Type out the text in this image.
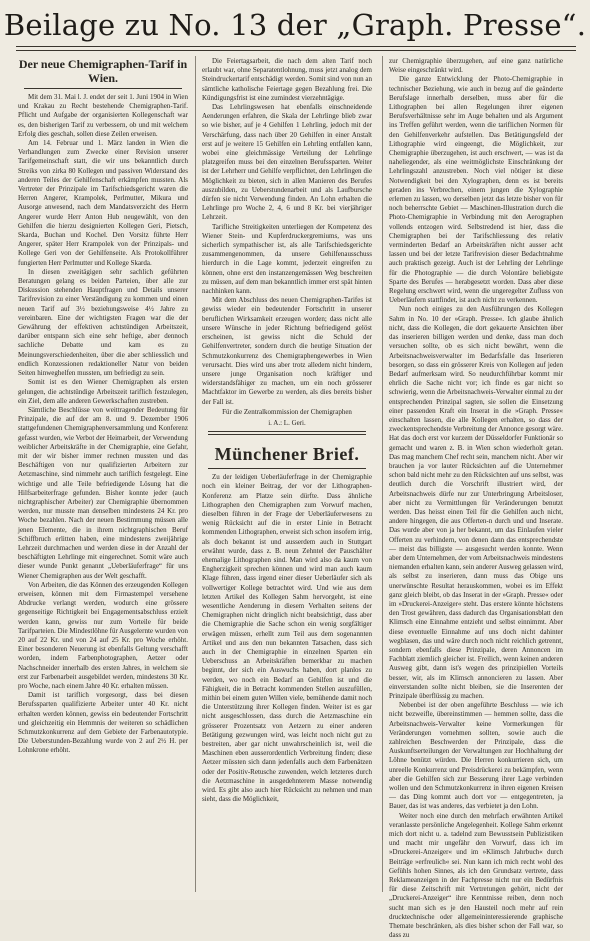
Beilage zu No. 13 der „Graph. Presse“.
Der neue Chemigraphen-Tarif in Wien.

Mit dem 31. Mai l. J. endet der seit 1. Juni 1904 in Wien und Krakau zu Recht bestehende Chemigraphen-Tarif. Pflicht und Aufgabe der organisierten Kollegenschaft war es, den bisherigen Tarif zu verbessern, ob und mit welchem Erfolg dies geschah, sollen diese Zeilen erweisen.

Am 14. Februar und 1. März landen in Wien die Verhandlungen zum Zwecke einer Revision unserer Tarifgemeinschaft statt, die wir uns bekanntlich durch Streiks von zirka 80 Kollegen und passiven Widerstand des anderen Teiles der Gehilfenschaft erkämpfen mussten. Als Vertreter der Prinzipale im Tarifschiedsgericht waren die Herren Angerer, Krampolek, Perlmutter, Mikura und Ausorge anwesend, nach dem Mandatsverzicht des Herrn Angerer wurde Herr Anton Hub neugewählt, von den Gehilfen die hierzu designierten Kollegen Geri, Pietsch, Skarda, Buchan und Kochel. Den Vorsitz führte Herr Angerer, später Herr Krampolek von der Prinzipals- und Kollege Geri von der Gehilfenseite. Als Protokollführer fungierten Herr Perlmutter und Kollege Skarda.

In diesen zweitägigen sehr sachlich geführten Beratungen gelang es beiden Parteien, über alle zur Diskussion stehenden Hauptfragen und Details unserer Tarifrevision zu einer Verständigung zu kommen und einen neuen Tarif auf 3½ beziehungsweise 4½ Jahre zu vereinbaren. Eine der wichtigsten Fragen war die der Gewährung der effektiven achtstündigen Arbeitszeit, darüber entspann sich eine sehr heftige, aber dennoch sachliche Debatte und kam es zu Meinungsverschiedenheiten, über die aber schliesslich und endlich Konzessionen redaktioneller Natur von beiden Seiten hinweghelfen mussten, um befriedigt zu sein.

Somit ist es den Wiener Chemigraphen als ersten gelungen, die achtstündige Arbeitszeit tariflich festzulegen, ein Ziel, dem alle anderen Gewerkschaften zustreben.

Sämtliche Beschlüsse von weittragender Bedeutung für Prinzipale, die auf der am 8. und 9. Dezember 1906 stattgefundenen Chemigraphenversammlung und Konferenz gefasst wurden, wie Verbot der Heimarbeit, der Verwendung weiblicher Arbeitskräfte in der Chemigraphie, eine Gefahr, mit der wir bisher immer rechnen mussten und das Beschäftigen von nur qualifizierten Arbeitern zur Aetzmaschine, sind nimmehr auch tariflich festgelegt. Eine wichtige und alle Teile befriedigende Lösung hat die Hilfsarbeiterfrage gefunden. Bisher konnte jeder (auch nichtgraphischer Arbeiter) zur Chemigraphie übernommen werden, nur musste man denselben mindestens 24 Kr. pro Woche bezahlen. Nach der neuen Bestimmung müssen alle jenen Elemente, die in ihrem nichtgraphischen Beruf Schiffbruch erlitten haben, eine mindestens zweijährige Lehrzeit durchmachen und werden diese in der Anzahl der beschäftigten Lehrlinge mit eingerechnet. Somit wäre auch dieser wunde Punkt genannt „Ueberläuferfrage“ für uns Wiener Chemigraphen aus der Welt geschafft.

Von Arbeiten, die das Können des erzeugenden Kollegen erweisen, können mit dem Firmastempel versehene Abdrucke verlangt werden, wodurch eine grössere gegenseitige Richtigkeit bei Engagementsabschluss erzielt werden kann, gewiss nur zum Vorteile für beide Tarifparteien. Die Mindestlöhne für Ausgelernte wurden von 20 auf 22 Kr. und von 24 auf 25 Kr. pro Woche erhöht. Einer besonderen Neuerung ist ebenfalls Geltung verschafft worden, indem Farbenphotographen, Aetzer oder Nachschneider innerhalb des ersten Jahres, in welchem sie erst zur Farbenarbeit ausgebildet werden, mindestens 30 Kr. pro Woche, nach einem Jahre 40 Kr. erhalten müssen.

Damit ist tariflich vorgesorgt, dass bei diesen Berufssparten qualifizierte Arbeiter unter 40 Kr. nicht erhalten werden können, gewiss ein bedeutender Fortschritt und gleichzeitig ein Hemmnis der weiteren so schädlichen Schmutzkonkurrenz auf dem Gebiete der Farbenautotypie. Die Ueberstunden-Bezahlung wurde von 2 auf 2½ H. per Lohnkrone erhöht.

Die Feiertagsarbeit, die nach dem alten Tarif noch erlaubt war, ohne Separatentlohnung, muss jetzt analog dem Steindruckertarif entschädigt werden. Somit sind von nun an sämtliche katholische Feiertage gegen Bezahlung frei. Die Kündigungsfrist ist eine zumindest vierzehntägige.

Das Lehrlingswesen hat ebenfalls einschneidende Aenderungen erfahren, die Skala der Lehrlinge blieb zwar so wie bisher, auf je 4 Gehilfen 1 Lehrling, jedoch mit der Verschärfung, dass nach über 20 Gehilfen in einer Anstalt erst auf je weitere 15 Gehilfen ein Lehrling entfallen kann, wobei eine gleichmässige Verteilung der Lehrlinge platzgreifen muss bei den einzelnen Berufssparten. Weiter ist der Lehrherr und Gehilfe verpflichtet, den Lehrlingen die Möglichkeit zu bieten, sich in allen Manieren des Berufes auszubilden, zu Ueberstundenarbeit und als Laufbursche dürfen sie nicht Verwendung finden. An Lohn erhalten die Lehrlinge pro Woche 2, 4, 6 und 8 Kr. bei vierjähriger Lehrzeit.

Tarifliche Streitigkeiten unterliegen der Kompetenz des Wiener Stein- und Kupferdruckergremiums, was uns sicherlich sympathischer ist, als alle Tarifschiedsgerichte zusammengenommen, da unsere Gehilfenausschuss hierdurch in die Lage kommt, jederzeit eingreifen zu können, ohne erst den instanzengemässen Weg beschreiten zu müssen, auf dem man bekanntlich immer erst spät hinten nachhinken kann.

Mit dem Abschluss des neuen Chemigraphen-Tarifes ist gewiss wieder ein bedeutender Fortschritt in unserer beruflichen Wirksamkeit erzeugen worden; dass nicht alle unsere Wünsche in jeder Richtung befriedigend gelöst erscheinen, ist gewiss nicht die Schuld der Gehilfenvertreter, sondern durch die heutige Situation der Schmutzkonkurrenz des Chemigraphengewerbes in Wien verursacht. Dies wird uns aber trotz alledem nicht hindern, unsere junge Organisation noch kräftiger und widerstandsfähiger zu machen, um ein noch grösserer Machtfaktor im Gewerbe zu werden, als dies bereits bisher der Fall ist.

Für die Zentralkommission der Chemigraphen

i. A.: L. Geri.

Münchener Brief.

Zu der leidigen Ueberläuferfrage in der Chemigraphie noch ein kleiner Beitrag, der vor der Lithographen-Konferenz am Platze sein dürfte. Dass ähnliche Lithographen den Chemigraphen zum Vorwurf machen, dieselben führen in der Frage der Ueberläuferwesens zu wenig Rücksicht auf die in erster Linie in Betracht kommenden Lithographen, erweist sich schon insofern irrig, als doch bekannt ist und ausserdem auch in Stuttgart erwähnt wurde, dass z. B. neun Zehntel der Pauschälter ehemalige Lithographen sind. Man wird also da kaum von Engherzigkeit sprechen können und wird man auch kaum Klage führen, dass irgend einer dieser Ueberläufer sich als vollwertiger Kollege betrachtet wird. Und wie aus dem letzten Artikel des Kollegen Sahm hervorgeht, ist eine wesentliche Aenderung in diesem Verhalten seitens der Chemigraphen nicht dringlich nicht beabsichtigt, dass aber die Chemigraphie die Sache schon ein wenig sorgfältiger erwägen müssen, erhellt zum Teil aus dem sogenannten Artikel und aus den nun bekannten Tatsachen, dass sich auch in der Chemigraphie in einzelnen Sparten ein Ueberschuss an Arbeitskräften bemerkbar zu machen beginnt, der sich ein Auswuchs haben, dort planlos zu werden, wo noch ein Bedarf an Gehilfen ist und die Fähigkeit, die in Betracht kommenden Stellen auszufüllen, mithin bei einem guten Willen viele, bemühende damit noch die Unterstützung ihrer Kollegen finden. Weiter ist es gar nicht ausgeschlossen, dass durch die Aetzmaschine ein grösserer Prozentsatz von Aetzern zu einer anderen Betätigung gezwungen wird, was leicht noch nicht gut zu bestreiten, aber gar nicht unwahrscheinlich ist, weil die Maschinen eben ausserordentlich Verbreitung finden; diese Aetzer müssten sich dann jedenfalls auch dem Farbenätzen oder der Positiv-Retusche zuwenden, welch letzteres durch die Aetzmaschine in ausgedehnterem Masse notwendig wird. Es gibt also auch hier Rücksicht zu nehmen und man sieht, dass die Möglichkeit,

zur Chemigraphie überzugehen, auf eine ganz natürliche Weise eingeschränkt wird.

Die ganze Entwicklung der Photo-Chemigraphie in technischer Beziehung, wie auch in bezug auf die geänderte Berufslage innerhalb derselben, muss aber für die Lithographen bei allen Regelungen ihrer eigenen Berufsverhältnisse sehr im Auge behalten und als Argument ins Treffen geführt werden, wenn die tariflichen Normen für den Gehilfenverkehr aufstellen. Das Betätigungsfeld der Lithographie wird eingeengt, die Möglichkeit, zur Chemigraphie überzugehen, ist auch erschwert, — was ist da naheliegender, als eine weitmöglichste Einschränkung der Lehrlingszahl anzustreben. Noch viel nötiger ist diese Notwendigkeit bei den Xylographen, denn es ist bereits geraden ins Verbrechen, einem jungen die Xylographie erlernen zu lassen, wo derselben jetzt das letzte bisher von für noch beherrschte Gebiet — Maschinen-Illustration durch die Photo-Chemigraphie in Verbindung mit den Aerographen vollends entzogen wird. Selbstredend ist hier, dass die Chemigraphen bei der Tarifschliessung des relativ verminderten Bedarf an Arbeitskräften nicht ausser acht lassen und bei der letzte Tarifrevision dieser Bedachtnahme auch praktisch gezeigt. Auch ist der Lehrling der Lehrlinge für die Photographie — die durch Volontäre beliebigste Sparte des Berufes — herabgesetzt worden. Dass aber diese Regelung erschwert wird, wenn die ungeregelter Zufluss von Ueberläufern stattfindet, ist auch nicht zu verkennen.

Nun noch einiges zu den Ausführungen des Kollegen Sahm in No. 10 der »Graph. Presse«. Ich glaube ähnlich nicht, dass die Kollegen, die dort gekauerte Ansichten über das inserieren billigen werden und denke, dass man doch versuchen sollte, ob es sich nicht bewährt, wenn die Arbeitsnachweisverwalter im Bedarfsfalle das Inserieren besorgen, so dass ein grösserer Kreis von Kollegen auf jeden Bedarf aufmerksam wird. So neudurchführbar kommt mir ehrlich die Sache nicht vor; ich finde es gar nicht so schwierig, wenn die Arbeitsnachweis-Verwalter einmal zu der entsprechenden Prinzipal sagten, sie sollen die Einsetzung einer passenden Kraft ein Inserat in die »Graph. Presse« einschalten lassen, die alle Kollegen erhalten, so dass der zweckentsprechendste Verbreitung der Annonce gesorgt wäre. Hat das doch erst vor kurzem der Düsseldorfer Funktionär so gemacht und waren z. B. in Wien schon wiederholt getan. Das mag manchem Chef recht sein, manchem nicht. Aber wir brauchen ja vor lauter Rücksichten auf die Unternehmer schon bald nicht mehr zu den Rücksichten auf uns selbst, was deutlich durch die Vorschrift illustriert wird, der Arbeitsnachweis dürfe nur zur Unterbringung Arbeitsloser, aber nicht zu Vermittlungen für Veränderungen benutzt werden. Das heisst einen Teil für die Gehilfen auch nicht, andere hingegen, die aus Offerten-n durch und und Inserate. Das wurde aber von ja her bekannt, um das Einlaufen vieler Offerten zu verhindern, von denen dann das entsprechendste — meist das billigste — ausgesucht werden konnte. Wenn aber dem Unternehmen, der vom Arbeitsnachweis mindestens niemanden erhalten kann, sein anderer Ausweg gelassen wird, als selbst zu inserieren, dann muss das Obige uns unerwünschte Resultat herauskommen, wobei es im Effekt ganz gleich bleibt, ob das Inserat in der »Graph. Presse« oder im »Druckerei-Anzeiger« steht. Das erstere könnte höchstens den Trost gewähren, dass dadurch das Organisationsblatt den Klimsch eine Einnahme entzieht und selbst einnimmt. Aber diese eventuelle Einnahme auf uns doch nicht dahinter wegblasen, das und wäre durch noch nicht reichlich getrennt, sondern ebenfalls diese Prinzipale, deren Annoncen im Fachblatt ziemlich gleicher ist. Freilich, wenn keinen anderen Ausweg gibt, dann ist's wegen des prinzipiellen Vorteils besser, wir, als im Klimsch annoncieren zu lassen. Aber einverstanden sollte nicht bleiben, sie die Inserenten der Prinzipale überflüssig zu machen.

Nebenbei ist der oben angeführte Beschluss — wie ich nicht bezweifle, übereinstimmen — hemmen sollte, dass die Arbeitsnachweis-Verwalter keine Vormerkungen für Veränderungen vornehmen sollten, sowie auch die zahlreichen Beschwerden der Prinzipale, dass die Auskunftserteilungen der Verwaltungen zur Hochhaltung der Löhne benützt würden. Die Herren konkurrieren sich, um unreelle Konkurrenz und Preisdrückerei zu bekämpfen, wenn aber die Gehilfen sich zur Besserung ihrer Lage verbinden wollen und den Schmutzkonkurrenz in ihren eigenen Kreisen — das Ding kommt auch dort vor — entgegentreten, ja Bauer, das ist was anderes, das verbietet ja den Lohn.

Weiter noch eine durch den mehrfach erwähnten Artikel veranlasste persönliche Angelegenheit. Kollege Sahm erkennt mich dort nicht u. a. tadelnd zum Bewusstsein Publizistiken und macht mir ungefähr den Vorwurf, dass ich im »Druckerei-Anzeiger« und im »Klimsch Jahrbuch« durch Beiträge »erfreulich« sei. Nun kann ich mich recht wohl des Gefühls hohen Sinnes, als ich den Grundsatz vertrete, dass Reklameanzeigen in der Fachpresse nicht nur ein Bedürfnis für diese Zeitschrift mit Vertretungen gehört, nicht der „Druckerei-Anzeiger“ ihre Kenntnisse reiben, denn noch sucht man sich es je den Hausteil noch mehr auf rein drucktechnische oder allgemeininteressierende graphische Themate beschränken, als dies bisher schon der Fall war, so dass zu
